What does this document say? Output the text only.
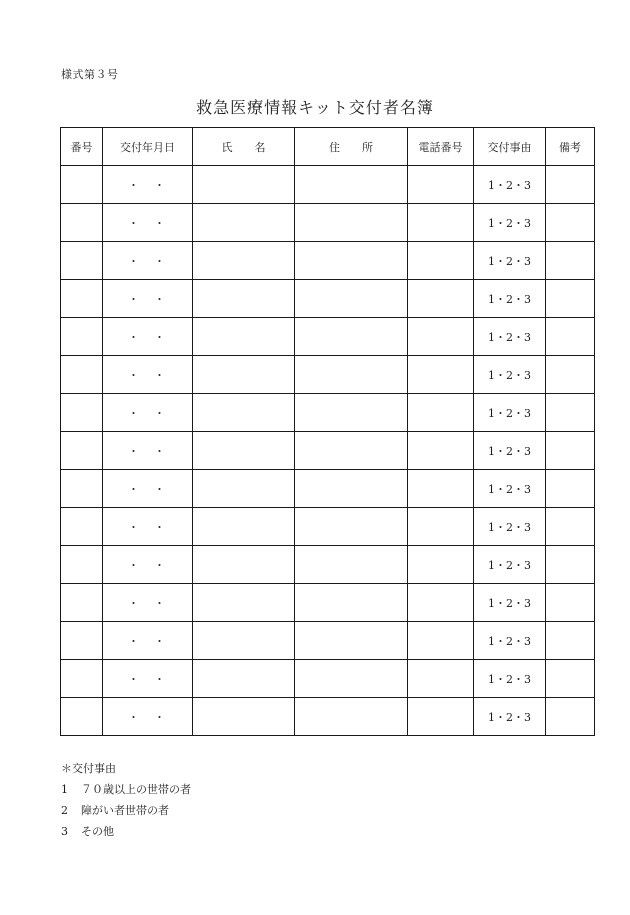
様式第３号
救急医療情報キット交付者名簿
番号	交付年月日	氏　　名	住　　所	電話番号	交付事由	備考
	・　・				1・2・3	
	・　・				1・2・3	
	・　・				1・2・3	
	・　・				1・2・3	
	・　・				1・2・3	
	・　・				1・2・3	
	・　・				1・2・3	
	・　・				1・2・3	
	・　・				1・2・3	
	・　・				1・2・3	
	・　・				1・2・3	
	・　・				1・2・3	
	・　・				1・2・3	
	・　・				1・2・3	
	・　・				1・2・3	
＊交付事由
1	７０歳以上の世帯の者
2	障がい者世帯の者
3	その他
